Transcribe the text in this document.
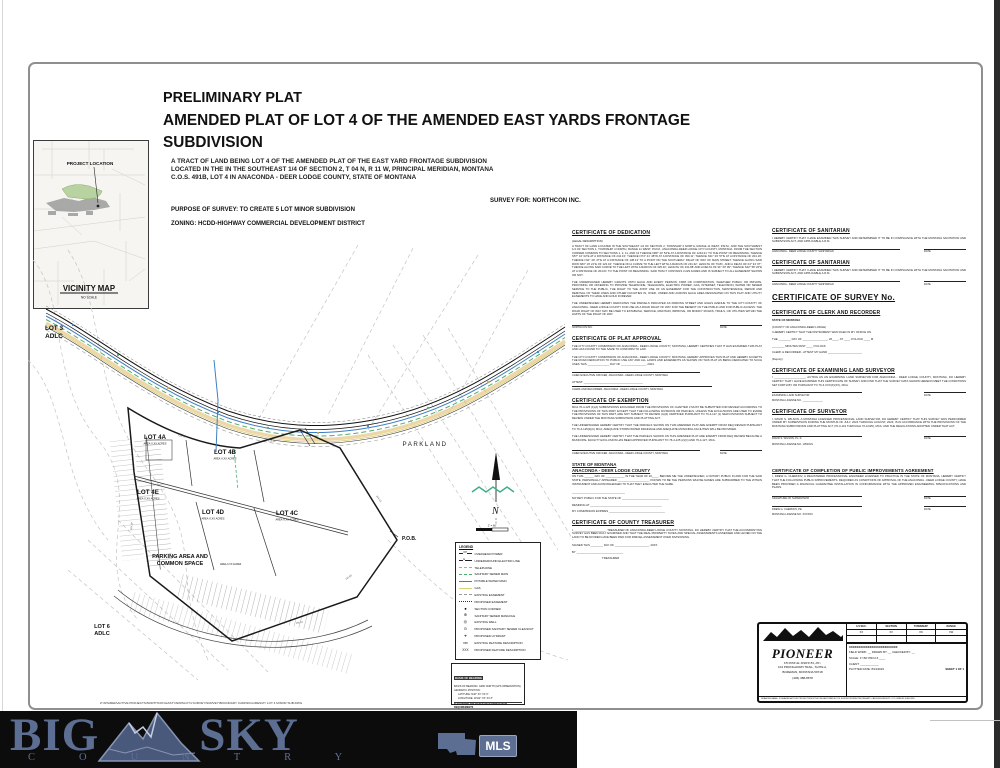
PRELIMINARY PLAT
AMENDED PLAT OF LOT 4 OF THE AMENDED EAST YARDS FRONTAGE
SUBDIVISION
A TRACT OF LAND BEING LOT 4 OF THE AMENDED PLAT OF THE EAST YARD FRONTAGE SUBDIVISION
LOCATED IN THE IN THE SOUTHEAST 1/4 OF SECTION 2, T 04 N, R 11 W, PRINCIPAL MERIDIAN, MONTANA
C.O.S. 491B, LOT 4 IN ANACONDA - DEER LODGE COUNTY, STATE OF MONTANA
PURPOSE OF SURVEY: TO CREATE 5 LOT MINOR SUBDIVISION
ZONING: HCDD-HIGHWAY COMMERCIAL DEVELOPMENT DISTRICT
SURVEY FOR: NORTHCON INC.
PROJECT LOCATION
VICINITY MAP
NO SCALE
LOT 3
ADLC
LOT 4A
AREA X.XX ACRES
LOT 4B
AREA X.XX ACRES
LOT 4E
AREA X.XX ACRES
LOT 4D
AREA X.XX ACRES
LOT 4C
AREA X.XX ACRES
PARKING AREA AND
COMMON SPACE	AREA X.XX ACRES
LOT 6
ADLC
PARKLAND
P.O.B.
204.19'
138.13'
390.11'
244.13'
123.34'
231.88'
N
1" = 60'
LEGEND
OH	OVERHEAD POWER
E	UNDERGROUND ELECTRIC LINE
TELEPHONE
SANITARY SEWER MAIN
POTABLE WATER MAIN
GAS
EXISTING EASEMENT
PROPOSED EASEMENT
●	SECTION CORNER
⊕	SANITARY SEWER MANHOLE
◎	EXISTING WELL
⊙	PROPOSED SANITARY SEWER CLEANOUT
⌖	PROPOSED HYDRANT
xxx	EXISTING FEATURE DESCRIPTION
XXX	PROPOSED FEATURE DESCRIPTION
BASIS OF BEARING
BASIS OF BEARING: GRID NORTH (GPS OBSERVATION)
GEODETIC POSITION:
LATITUDE: N46° XX' XX.X"
LONGITUDE: W112° XX' XX.X"
ELEVATIONS ARE BASED ON NAVD88 DATUM REQUIREMENTS
CERTIFICATE OF DEDICATION
(LEGAL DESCRIPTION)

A TRACT OF LAND LOCATED IN THE SOUTHEAST 1/4 OF SECTION 2, TOWNSHIP 4 NORTH, RANGE 11 WEST, P.M.M., AND THE SOUTHWEST 1/4 OF SECTION 1, TOWNSHIP 4 NORTH, RANGE 11 WEST, P.M.M., ANACONDA-DEER LODGE CITY-COUNTY, MONTANA. FROM THE SECTION CORNER COMMON TO SECTIONS 1, 2, 11, AND 12 THENCE N89° 43' 54"E AT A DISTANCE OF 1234.21' TO THE POINT OF BEGINNING; THENCE S57° 10' 02"E AT A DISTANCE OF 244.13'; THENCE N74° 41' 48"W AT A DISTANCE OF 390.11'; THENCE N11° 29' 57"E AT A DISTANCE OF 204.19'; THENCE N11° 29' 47"E AT A DISTANCE OF 138.13' TO A POINT ON THE SOUTHERLY RIGHT OF WAY OF MAIN STREET; THENCE ALONG SAID ROW S84° 19' 21"E OF 123.34'; THENCE ON A CURVE TO THE LEFT WITH A RADIUS OF 231.32', LENGTH OF 79.81', AND A DELTA OF 04° 34' 07"; THENCE ALONG SAID CURVE TO THE LEFT WITH A RADIUS OF 325.32', LENGTH OF 231.88' AND A DELTA OF 34° 33' 09"; THENCE S22° 58' 20"E AT A DISTANCE OF 204.01' TO THE POINT OF BEGINNING. SAID TRACT CONTAINS 3.229 ACRES AND IS SUBJECT TO ALL EASEMENT SHOWN OR NOT.

THE UNDERSIGNED HEREBY GRANTS UNTO EACH AND EVERY PERSON, FIRM OR CORPORATION, WHETHER PUBLIC OR PRIVATE, PROVIDING OR OFFERING TO PROVIDE TELEPHONE, TELEGRAPH, ELECTRIC POWER, GAS, INTERNET, TELEVISION, WATER OR SEWER SERVICE TO THE PUBLIC, THE RIGHT TO THE JOINT USE OF AN EASEMENT FOR THE CONSTRUCTION, MAINTENANCE, REPAIR AND REMOVAL OF THEIR LINES AND OTHER FACILITIES IN, OVER, UNDER AND ACROSS EACH AREA DESIGNATED ON THIS PLAT AND UTILITY EASEMENTS TO HAVE AND HOLD FOREVER.

THE UNDERSIGNED HEREBY DEDICATES THE PARCELS INDICATED AS PARKING STREET AND HIGHS AVENUE TO THE CITY-COUNTY OF ANACONDA - DEER LODGE COUNTY FOR USE AS A ROAD RIGHT OF WAY FOR THE BENEFIT OF THE PUBLIC AND FOR PUBLIC ACCESS. THE ROAD RIGHT OF WAY MAY BE USED TO ESTABLISH, SERVICE, MAINTAIN, IMPROVE, OR MODIFY ROADS, TRAILS, OR UTILITIES WITHIN THE LIMITS OF THE RIGHT OF WAY.

NORTHCON INC.	DATE
CERTIFICATE OF PLAT APPROVAL

THE CITY-COUNTY COMMISSION OF ANACONDA - DEER LODGE COUNTY, MONTANA, HEREBY CERTIFIES THAT IT HAS EXAMINED THIS PLAT AND HAS FOUND TO THE SAME TO CONFORM TO LAW.

THE CITY-COUNTY COMMISSION OF ANACONDA - DEER LODGE COUNTY, MONTANA, HEREBY APPROVES THIS PLAT AND HEREBY ACCEPTS THE ROAD DEDICATION TO PUBLIC USE ANY AND ALL LANDS AND EASEMENTS AS SHOWN ON THIS PLAT AS BEING DEDICATED TO SUCH USES THIS ______________ DAY OF ________________, 2024.

CHIEF EXECUTIVE OFFICER, ANACONDA - DEER LODGE COUNTY, MONTANA
ATTEST: ______________________________________
CLERK AND RECORDER, ANACONDA - DEER LODGE COUNTY, MONTANA
CERTIFICATE OF EXEMPTION

MCA 76-4-125 (1)(A) SUBDIVISIONS EXCLUDED FROM THE PROVISIONS OF CHAPTER 3 MUST BE SUBMITTED FOR REVIEW ACCORDING TO THE PROVISIONS OF THIS PART, EXCEPT THAT THE FOLLOWING DIVISIONS OR PARCELS, UNLESS THE EXCLUSIONS ARE USED TO EVADE THE PROVISIONS OF THIS PART, ARE NOT SUBJECT TO REVIEW (A)(4) CERTIFIED PURSUANT TO 76-4-127 (1) NEW DIVISIONS SUBJECT TO REVIEW UNDER THE MONTANA SUBDIVISION AND PLATTING ACT.

THE UNDERSIGNED HEREBY CERTIFY THAT THE PARCELS SHOWN ON THIS AMENDED PLAT ARE EXEMPT FROM DEQ REVIEW PURSUANT TO 76-4-125(2)(C) MCA; ADEQUATE STORM WATER DRAINAGE AND ADEQUATE MUNICIPAL FACILITIES WILL BE PROVIDED.

THE UNDERSIGNED HEREBY CERTIFY THAT THE PARCELS SHOWN ON THIS AMENDED PLAT ARE EXEMPT FROM DEQ REVIEW BECAUSE A MUNICIPAL FACILITY EXCLUSION HAS BEEN APPROVED PURSUANT TO 76-4-125 (2)(C) AND 76-4-127, MCA.

CHIEF EXECUTIVE OFFICER, ANACONDA - DEER LODGE COUNTY, MONTANA	DATE
STATE OF MONTANA
ANACONDA - DEER LODGE COUNTY

ON THIS ______ DAY OF ____________ IN THE YEAR OF 20____, BEFORE ME THE UNDERSIGNED, A NOTARY PUBLIC IN AND FOR THE SAID STATE, PERSONALLY APPEARED ____________________, KNOWN TO BE THE PERSONS WHOSE NAMES ARE SUBSCRIBED TO THE WITHIN INSTRUMENT AND ACKNOWLEDGED TO THAT THEY EXECUTED THE SAME.

__________________________________
NOTARY PUBLIC FOR THE STATE OF ______________________________
RESIDING AT ______________________________________________
MY COMMISSION EXPIRES ____________________________________
CERTIFICATE OF COUNTY TREASURER

I, ____________________, TREASURER OF ANACONDA-DEER LODGE COUNTY, MONTANA, DO HEREBY CERTIFY THAT THE ACCOMPANYING SURVEY HAS BEEN DULY EXAMINED AND THAT THE REAL PROPERTY TAXES AND SPECIAL ASSESSMENTS ASSESSED AND LEVIED ON THE LAND TO BE DIVIDED HAVE BEEN PAID FOR PARCEL ASSESSMENT OVER DIVISIONING.

SIGNED THIS ________ DAY OF ______________________, 20XX
BY ______________________________
TREASURER
CERTIFICATE OF SANITARIAN

I HEREBY CERTIFY THAT I HAVE EXAMINED THIS SURVEY AND DETERMINED IT TO BE IN COMPLIANCE WITH THE MONTANA SANITATION AND SUBDIVISION ACT, AND APPLICABLE A.R.M.

ANACONDA - DEER LODGE COUNTY SANITARIAN	DATE
CERTIFICATE OF SANITARIAN

I HEREBY CERTIFY THAT I HAVE EXAMINED THIS SURVEY AND DETERMINED IT TO BE IN COMPLIANCE WITH THE MONTANA SANITATION AND SUBDIVISION ACT, AND APPLICABLE A.R.M.

ANACONDA - DEER LODGE COUNTY SANITARIAN	DATE
CERTIFICATE OF SURVEY No.
CERTIFICATE OF CLERK AND RECORDER
STATE OF MONTANA
(COUNTY OF ANACONDA-DEER LODGE)

I HEREBY CERTIFY THAT THE INSTRUMENT WAS FILED IN MY OFFICE ON

THE ________ DAY OF ________________, 20____, AT ____ O'CLOCK ____ M.
________ MINUTES PAST ____ O'CLOCK
CLERK & RECORDER - ATTEST MY HAND ______________________
(Deputy)
CERTIFICATE OF EXAMINING LAND SURVEYOR

I ____________________, ACTING AS AN EXAMINING LAND SURVEYOR FOR ANACONDA - DEER LODGE COUNTY, MONTANA, DO HEREBY CERTIFY THAT I HAVE EXAMINED THIS CERTIFICATE OF SURVEY AND FIND THAT THE SURVEY DATA SHOWN HEREON MEET THE CONDITIONS SET FORTH BY OR PURSUANT TO 76-3-XXX(X)(XX), MCA.

EXAMINING LAND SURVEYOR	DATE
MONTANA LICENSE NO. ______________
CERTIFICATE OF SURVEYOR

I, DAVID S. WILSON, A MONTANA LICENSED PROFESSIONAL LAND SURVEYOR, DO HEREBY CERTIFY THAT THIS SURVEY WAS PERFORMED UNDER MY SUPERVISION DURING THE MONTHS OF JULY, 2024 THROUGH AUGUST, 2024; IS IN ACCORDANCE WITH THE PROVISIONS OF THE MONTANA SUBDIVISIONS AND PLATTING ACT (76-3-101 THROUGH 76-3-625), MCA; AND THE REGULATIONS ADOPTED UNDER THAT ACT.

DAVID S. WILSON, P.L.S.	DATE
MONTANA LICENSE NO. 13533LS
CERTIFICATE OF COMPLETION OF PUBLIC IMPROVEMENTS AGREEMENT

I, DREW G. CHERNOV, A REGISTERED PROFESSIONAL ENGINEER LICENSED TO PRACTICE IN THE STATE OF MONTANA, HEREBY CERTIFY THAT THE FOLLOWING PUBLIC IMPROVEMENTS, REQUIRED AS CONDITIONS OF APPROVAL OF THE ANACONDA - DEER LODGE COUNTY, HAVE BEEN PROVIDED A FINANCIAL GUARANTEE INSTALLATION IN CONFORMANCE WITH THE APPROVED ENGINEERING SPECIFICATIONS AND PLANS.

SIGNATURE OF SUPERVISOR	DATE
DREW G. CHERNOV, PE	DATE
MONTANA LICENSE NO. XXXXXX
PIONEER
TECHNICAL SERVICES, INC.
104 PRONGHORN TRAIL, SUITE A,
BOZEMAN, MONTANA 59718
(406) 388-8678
1/4 SEC.	SECTION	TOWNSHIP	RANGE
XX	XX	XN	XW
XXXXXXXXXXXXXXXXXXXXXXXXXX
FIELD WORK: __ DRAWN BY: __ CHECKED BY: __
SCALE: 1"=60' PROJ # ____
CLIENT: ____________
PLOTTED DATE: 8/13/2024	SHEET 1 OF 1
DRAWING NAME: Z:\SHARED\ACTIVE PROJECTS\NORTHCON EASTYARDSLOT4 SURVEY\SURVEY\BOUNDARY CADD\FIGURES\ZY LOT 4 MINOR SUB.DWG
Z:\SHARED\ACTIVE PROJECTS\NORTHCON EASTYARDSLOT4 SURVEY\SURVEY\BOUNDARY CADD\FIGURES\ZY LOT 4 MINOR SUB.DWG
BIG SKY
COUNTRY
MLS
